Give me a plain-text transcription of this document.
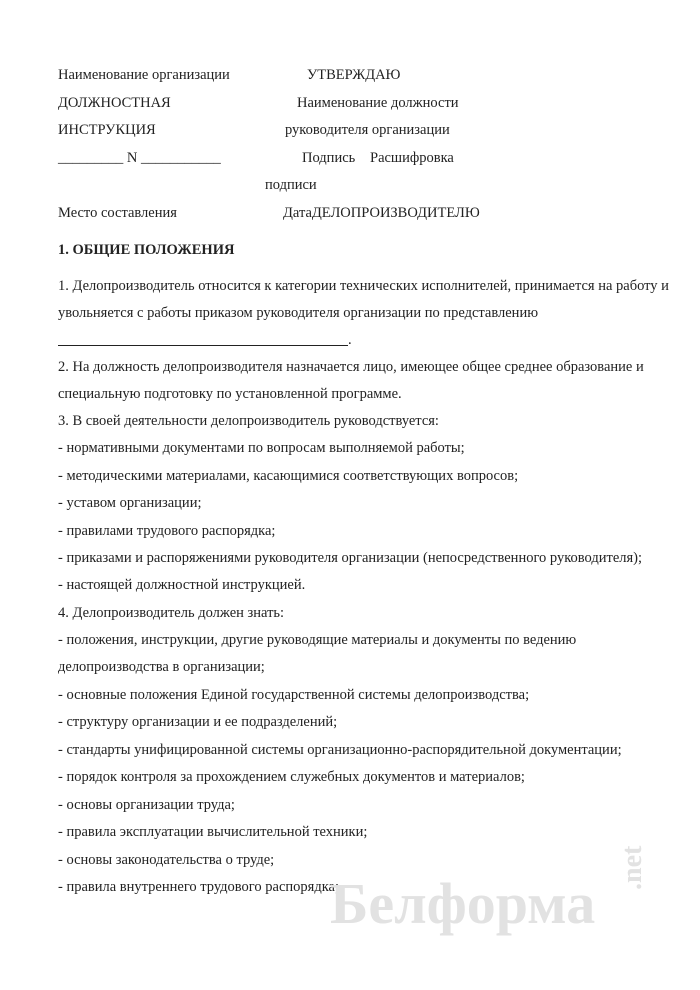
Наименование организации	УТВЕРЖДАЮ
ДОЛЖНОСТНАЯ	Наименование должности
ИНСТРУКЦИЯ	руководителя организации
_________ N ___________	Подпись Расшифровка
подписи
Место составления	ДатаДЕЛОПРОИЗВОДИТЕЛЮ
1. ОБЩИЕ ПОЛОЖЕНИЯ
1. Делопроизводитель относится к категории технических исполнителей, принимается на работу и
увольняется с работы приказом руководителя организации по представлению
.
2. На должность делопроизводителя назначается лицо, имеющее общее среднее образование и
специальную подготовку по установленной программе.
3. В своей деятельности делопроизводитель руководствуется:
- нормативными документами по вопросам выполняемой работы;
- методическими материалами, касающимися соответствующих вопросов;
- уставом организации;
- правилами трудового распорядка;
- приказами и распоряжениями руководителя организации (непосредственного руководителя);
- настоящей должностной инструкцией.
4. Делопроизводитель должен знать:
- положения, инструкции, другие руководящие материалы и документы по ведению
делопроизводства в организации;
- основные положения Единой государственной системы делопроизводства;
- структуру организации и ее подразделений;
- стандарты унифицированной системы организационно-распорядительной документации;
- порядок контроля за прохождением служебных документов и материалов;
- основы организации труда;
- правила эксплуатации вычислительной техники;
- основы законодательства о труде;
- правила внутреннего трудового распорядка;
Белформа
.net
